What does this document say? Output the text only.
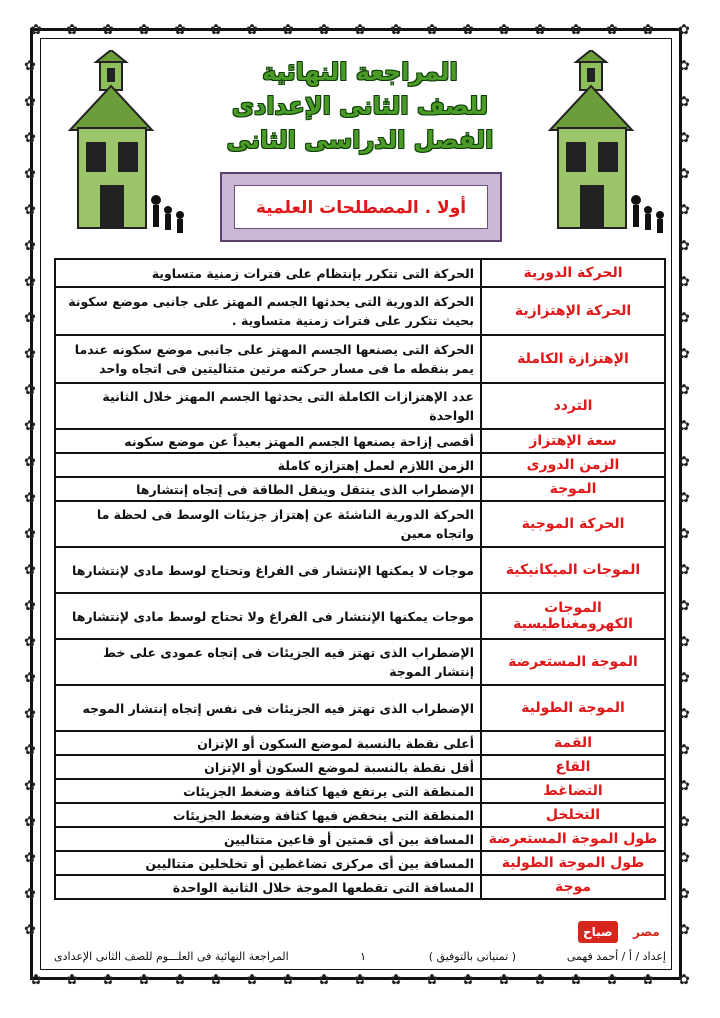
✿
✿
✿
✿
✿
✿
✿
✿
✿
✿
✿
✿
✿
✿
✿
✿
✿
✿
✿
✿
✿
✿
✿
✿
✿
✿
✿
✿
✿
✿
✿
✿
✿
✿
✿
✿
✿
✿
✿	✿
✿	✿
✿	✿
✿	✿
✿	✿
✿	✿
✿	✿
✿	✿
✿	✿
✿	✿
✿	✿
✿	✿
✿	✿
✿	✿
✿	✿
✿	✿
✿	✿
✿	✿
✿	✿
✿	✿
✿	✿
✿	✿
✿	✿
✿	✿
✿	✿
المراجعة النهائية
للصف الثانى الإعدادى
الفصل الدراسى الثانى
أولا . المصطلحات العلمية
الحركة الدورية	الحركة التى تتكرر بإنتظام على فترات زمنية متساوية
الحركة الإهتزازية	الحركة الدورية التى يحدثها الجسم المهتز على جانبى موضع سكونة بحيث تتكرر على فترات زمنية متساوية .
الإهتزازة الكاملة	الحركة التى يصنعها الجسم المهتز على جانبى موضع سكونه عندما يمر بنقطه ما فى مسار حركته مرتين متتاليتين فى اتجاه واحد
التردد	عدد الإهتزازات الكاملة التى يحدثها الجسم المهتز خلال الثانية الواحدة
سعة الإهتزاز	أقصى إزاحة يصنعها الجسم المهتز بعيداً عن موضع سكونه
الزمن الدورى	الزمن اللازم لعمل إهتزازه كاملة
الموجة	الإضطراب الذى ينتقل وينقل الطاقة فى إتجاه إنتشارها
الحركة الموجية	الحركة الدورية الناشئة عن إهتزاز جزيئات الوسط فى لحظة ما واتجاه معين
الموجات الميكانيكية	موجات لا يمكنها الإنتشار فى الفراغ وتحتاج لوسط مادى لإنتشارها
الموجات الكهرومغناطيسية	موجات يمكنها الإنتشار فى الفراغ ولا تحتاج لوسط مادى لإنتشارها
الموجة المستعرضة	الإضطراب الذى تهتز فيه الجزيئات فى إتجاه عمودى على خط إنتشار الموجة
الموجة الطولية	الإضطراب الذى تهتز فيه الجزيئات فى نفس إتجاه إنتشار الموجه
القمة	أعلى نقطة بالنسبة لموضع السكون أو الإتزان
القاع	أقل نقطة بالنسبة لموضع السكون أو الإتزان
التضاغط	المنطقة التى يرتفع فيها كثافة وضغط الجزيئات
التخلخل	المنطقة التى ينخفض فيها كثافة وضغط الجزيئات
طول الموجة المستعرضة	المسافة بين أى قمتين أو قاعين متتاليين
طول الموجة الطولية	المسافة بين أى مركزى تضاغطين أو تخلخلين متتاليين
موجة	المسافة التى تقطعها الموجة خلال الثانية الواحدة
صباح	مصر
إعداد / أ / أحمد فهمى
( تمنياتى بالتوفيق )
١
المراجعة النهائية فى العلـــوم للصف الثانى الإعدادى
